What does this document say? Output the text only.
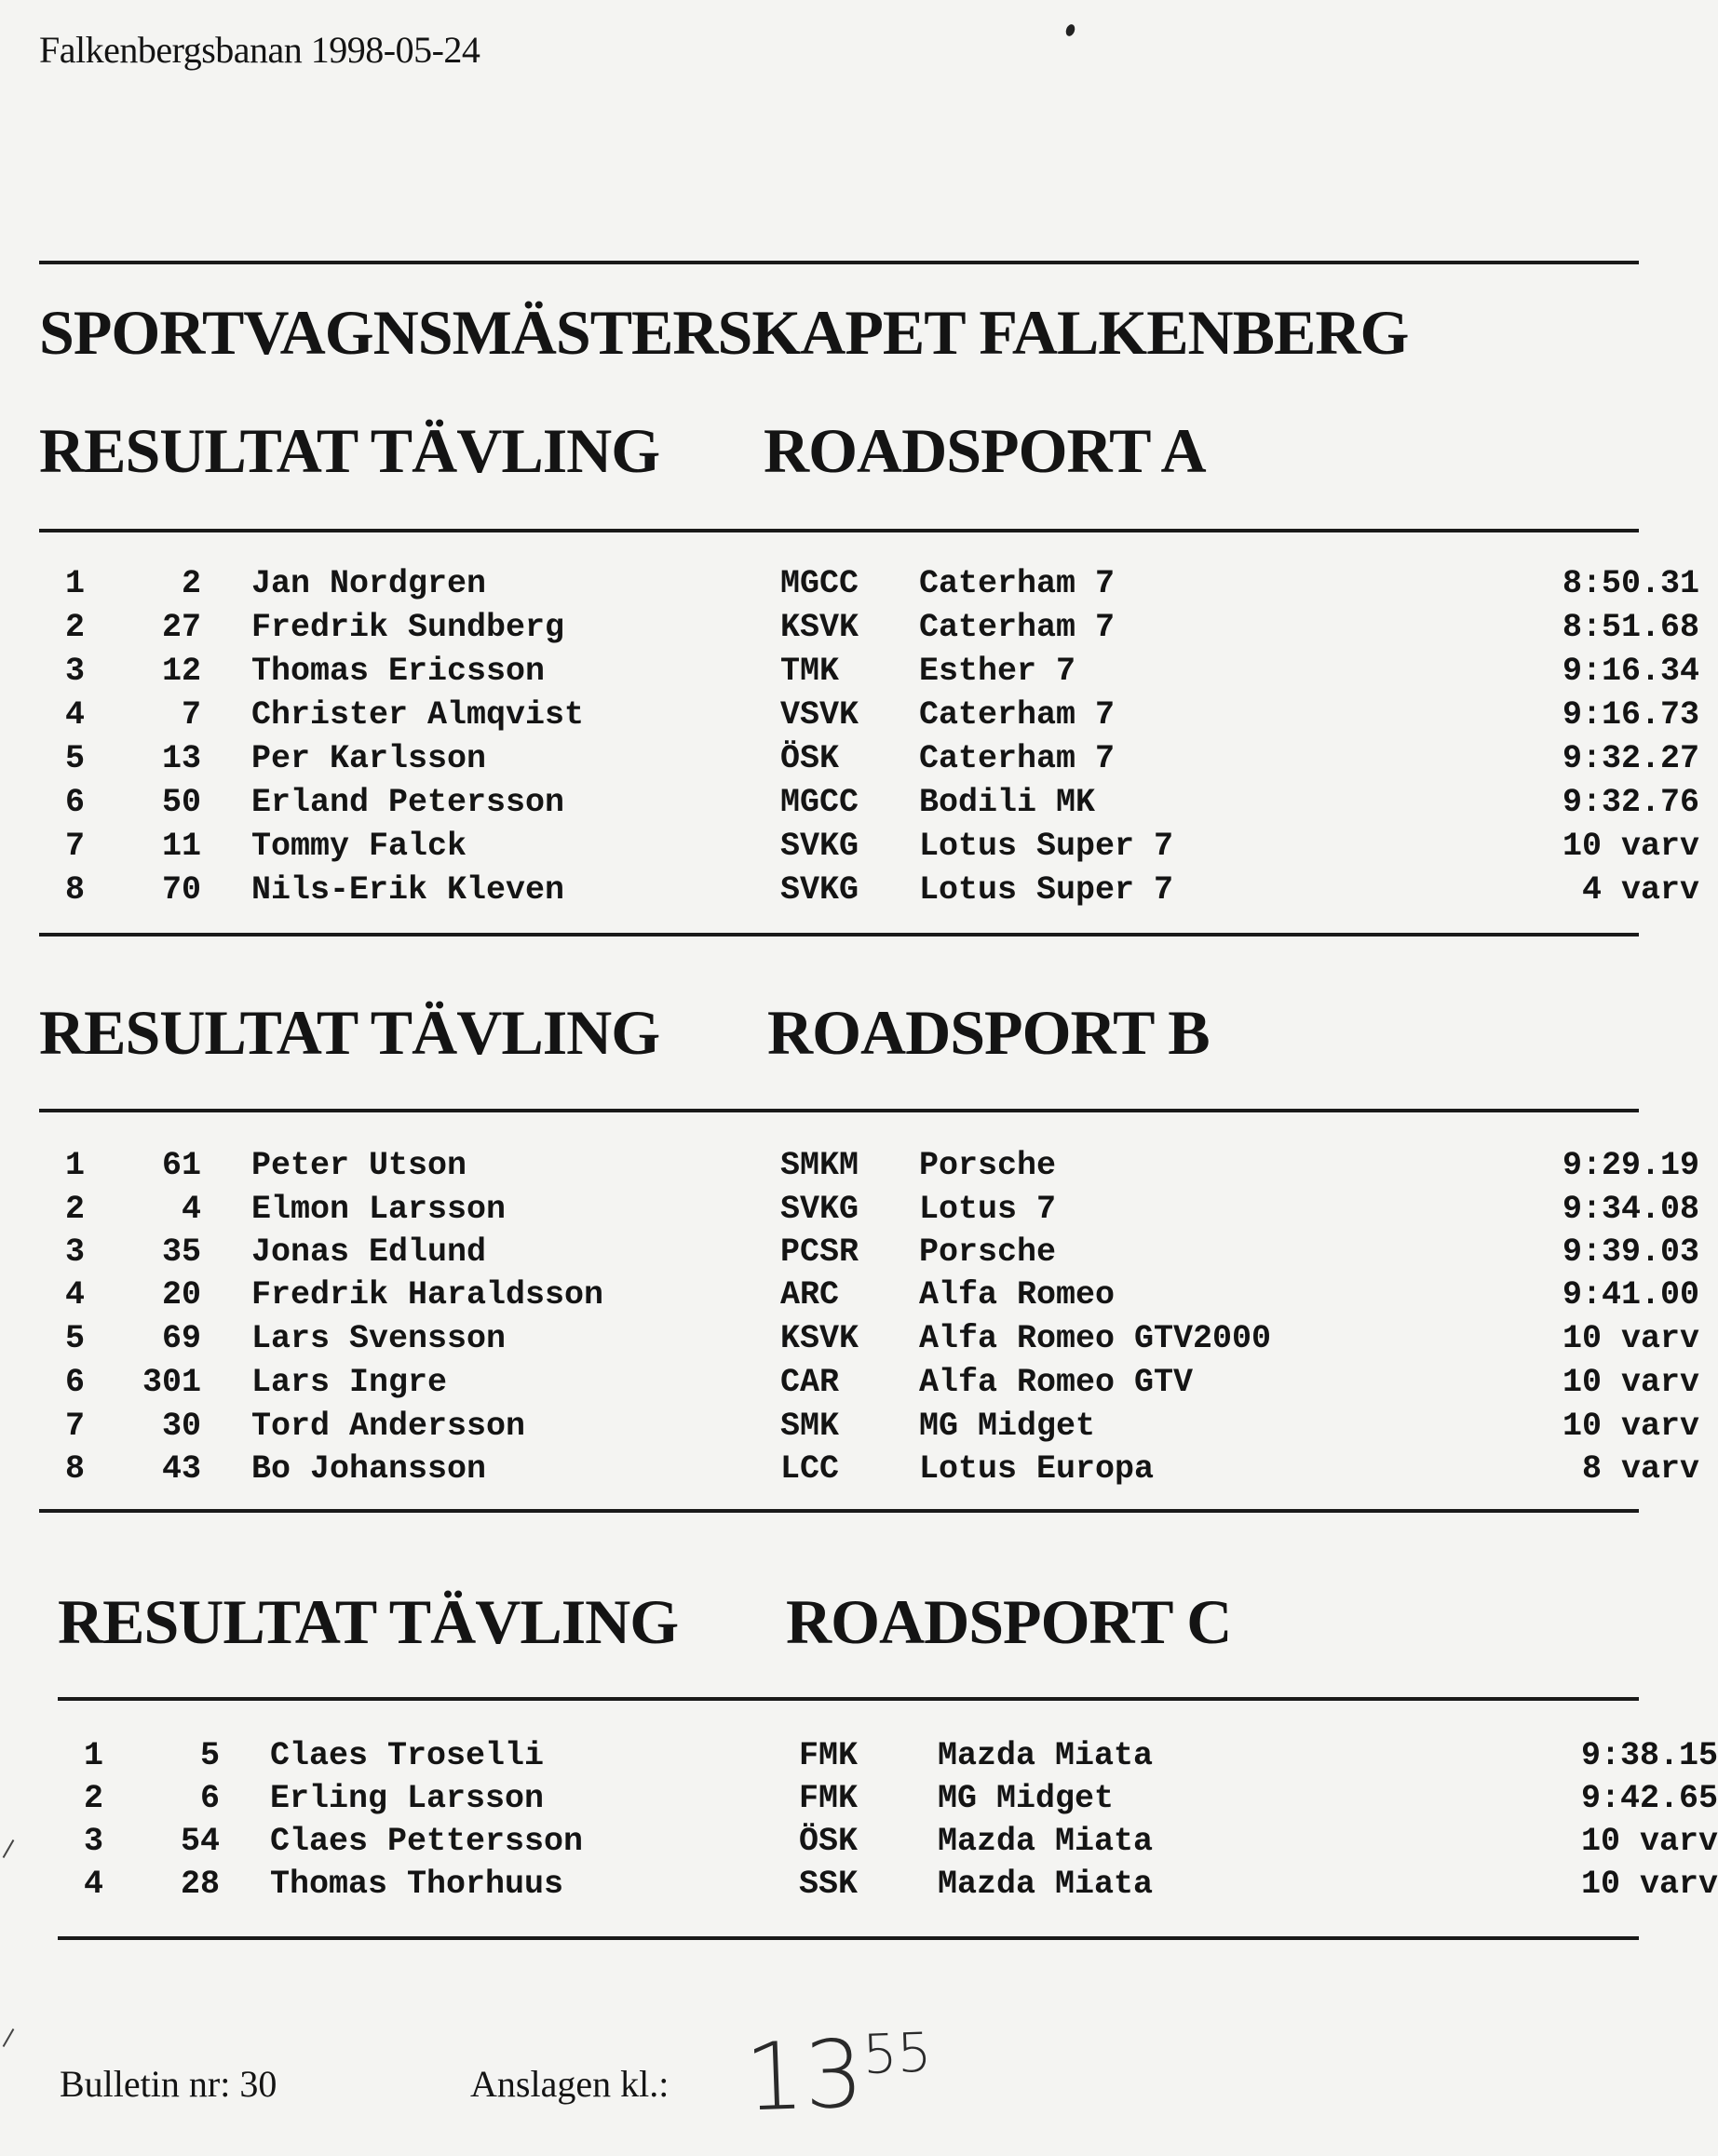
Falkenbergsbanan 1998-05-24
SPORTVAGNSMÄSTERSKAPET FALKENBERG
RESULTAT TÄVLING ROADSPORT A
1	2 Jan Nordgren	MGCC Caterham 7	8:50.31
2	27 Fredrik Sundberg	KSVK Caterham 7	8:51.68
3	12 Thomas Ericsson	TMK Esther 7	9:16.34
4	7 Christer Almqvist	VSVK Caterham 7	9:16.73
5	13 Per Karlsson	ÖSK Caterham 7	9:32.27
6	50 Erland Petersson	MGCC Bodili MK	9:32.76
7	11 Tommy Falck	SVKG Lotus Super 7	10 varv
8	70 Nils-Erik Kleven	SVKG Lotus Super 7	4 varv
RESULTAT TÄVLING ROADSPORT B
1	61 Peter Utson	SMKM Porsche	9:29.19
2	4 Elmon Larsson	SVKG Lotus 7	9:34.08
3	35 Jonas Edlund	PCSR Porsche	9:39.03
4	20 Fredrik Haraldsson	ARC Alfa Romeo	9:41.00
5	69 Lars Svensson	KSVK Alfa Romeo GTV2000	10 varv
6 301 Lars Ingre	CAR Alfa Romeo GTV	10 varv
7	30 Tord Andersson	SMK MG Midget	10 varv
8	43 Bo Johansson	LCC Lotus Europa	8 varv
RESULTAT TÄVLING ROADSPORT C
1	5 Claes Troselli	FMK Mazda Miata	9:38.15
2	6 Erling Larsson	FMK MG Midget	9:42.65
3	54 Claes Pettersson	ÖSK Mazda Miata	10 varv
4	28 Thomas Thorhuus	SSK Mazda Miata	10 varv
Bulletin nr: 30	Anslagen kl.: $13^{55}$
